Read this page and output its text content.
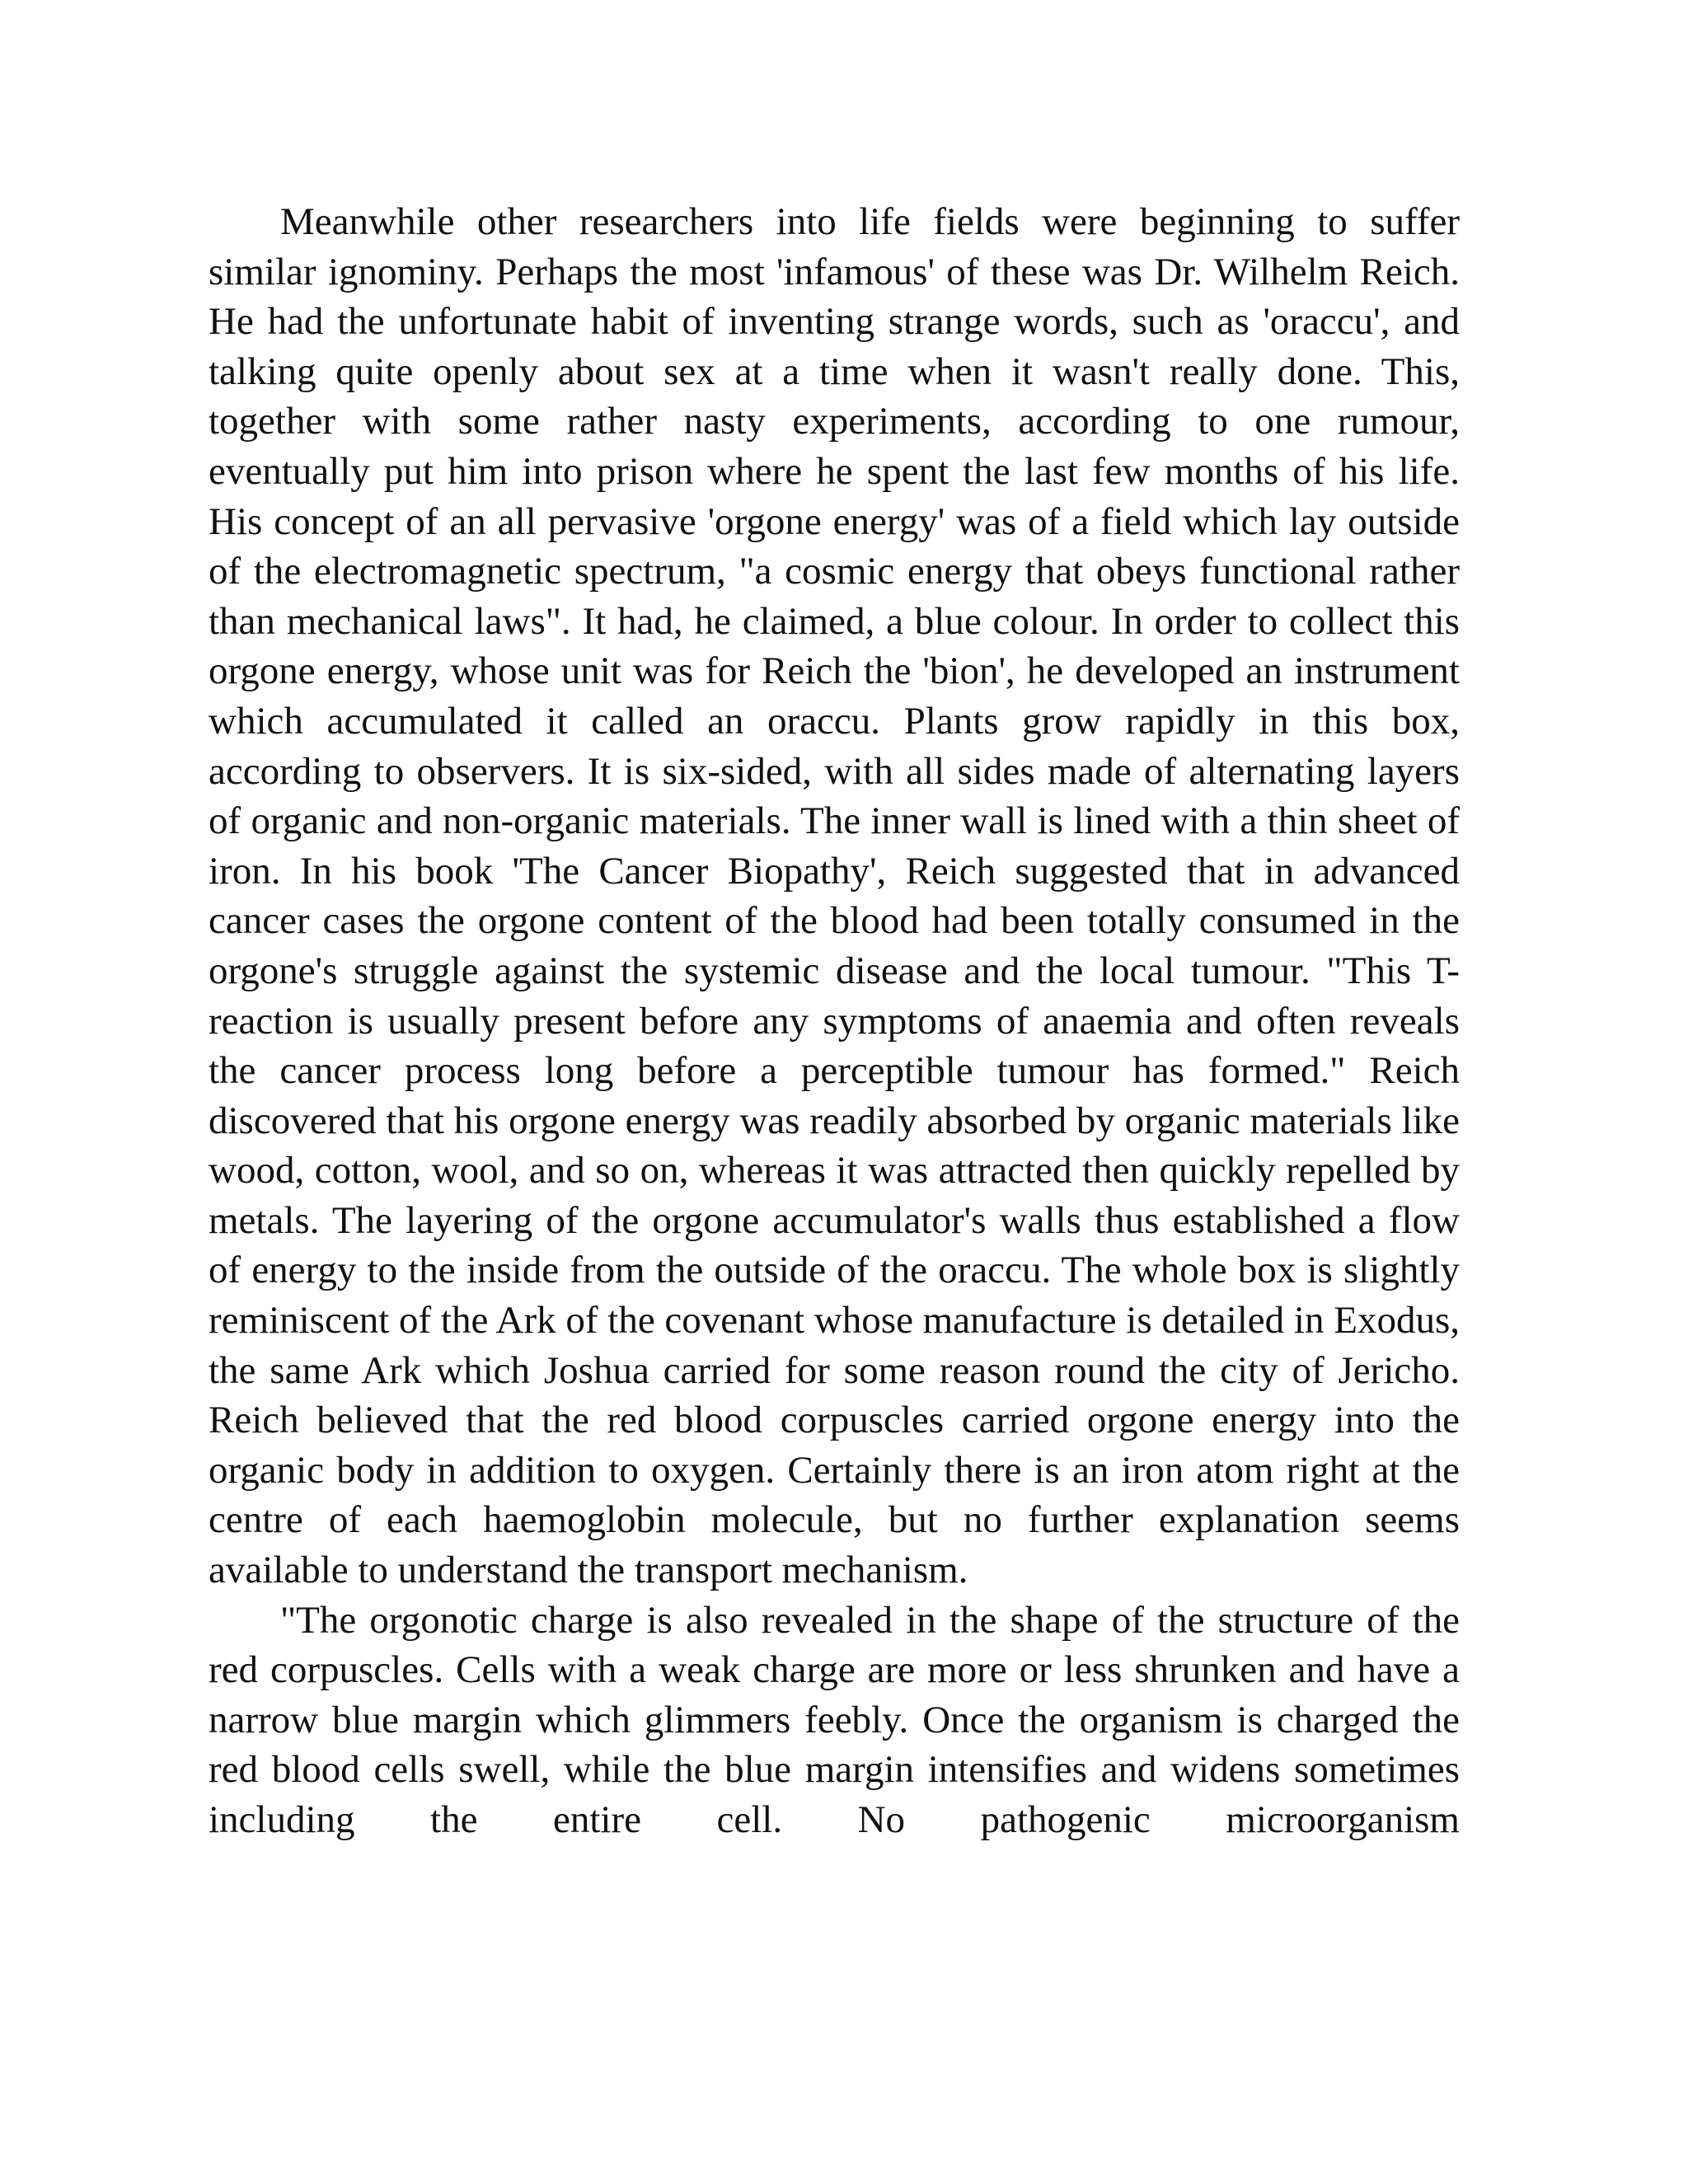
Meanwhile other researchers into life fields were beginning to suffer similar ignominy. Perhaps the most 'infamous' of these was Dr. Wilhelm Reich. He had the unfortunate habit of inventing strange words, such as 'oraccu', and talking quite openly about sex at a time when it wasn't really done. This, together with some rather nasty experiments, according to one rumour, eventually put him into prison where he spent the last few months of his life. His concept of an all pervasive 'orgone energy' was of a field which lay outside of the electromagnetic spectrum, "a cosmic energy that obeys functional rather than mechanical laws". It had, he claimed, a blue colour. In order to collect this orgone energy, whose unit was for Reich the 'bion', he developed an instrument which accumulated it called an oraccu. Plants grow rapidly in this box, according to observers. It is six-sided, with all sides made of alternating layers of organic and non-organic materials. The inner wall is lined with a thin sheet of iron. In his book 'The Cancer Biopathy', Reich suggested that in advanced cancer cases the orgone content of the blood had been totally consumed in the orgone's struggle against the systemic disease and the local tumour. "This T-reaction is usually present before any symptoms of anaemia and often reveals the cancer process long before a perceptible tumour has formed." Reich discovered that his orgone energy was readily absorbed by organic materials like wood, cotton, wool, and so on, whereas it was attracted then quickly repelled by metals. The layering of the orgone accumulator's walls thus established a flow of energy to the inside from the outside of the oraccu. The whole box is slightly reminiscent of the Ark of the covenant whose manufacture is detailed in Exodus, the same Ark which Joshua carried for some reason round the city of Jericho. Reich believed that the red blood corpuscles carried orgone energy into the organic body in addition to oxygen. Certainly there is an iron atom right at the centre of each haemoglobin molecule, but no further explanation seems available to understand the transport mechanism.

"The orgonotic charge is also revealed in the shape of the structure of the red corpuscles. Cells with a weak charge are more or less shrunken and have a narrow blue margin which glimmers feebly. Once the organism is charged the red blood cells swell, while the blue margin intensifies and widens sometimes including the entire cell. No pathogenic microorganism
